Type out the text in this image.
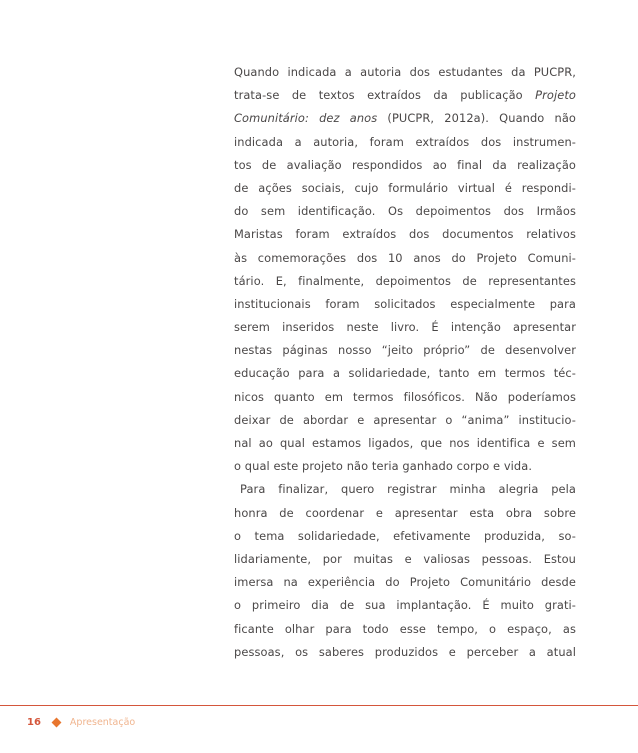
Quando indicada a autoria dos estudantes da PUCPR,
trata-se de textos extraídos da publicação Projeto
Comunitário: dez anos (PUCPR, 2012a). Quando não
indicada a autoria, foram extraídos dos instrumen-
tos de avaliação respondidos ao final da realização
de ações sociais, cujo formulário virtual é respondi-
do sem identificação. Os depoimentos dos Irmãos
Maristas foram extraídos dos documentos relativos
às comemorações dos 10 anos do Projeto Comuni-
tário. E, finalmente, depoimentos de representantes
institucionais foram solicitados especialmente para
serem inseridos neste livro. É intenção apresentar
nestas páginas nosso “jeito próprio” de desenvolver
educação para a solidariedade, tanto em termos téc-
nicos quanto em termos filosóficos. Não poderíamos
deixar de abordar e apresentar o “anima” institucio-
nal ao qual estamos ligados, que nos identifica e sem
o qual este projeto não teria ganhado corpo e vida.
Para finalizar, quero registrar minha alegria pela
honra de coordenar e apresentar esta obra sobre
o tema solidariedade, efetivamente produzida, so-
lidariamente, por muitas e valiosas pessoas. Estou
imersa na experiência do Projeto Comunitário desde
o primeiro dia de sua implantação. É muito grati-
ficante olhar para todo esse tempo, o espaço, as
pessoas, os saberes produzidos e perceber a atual
16	Apresentação
